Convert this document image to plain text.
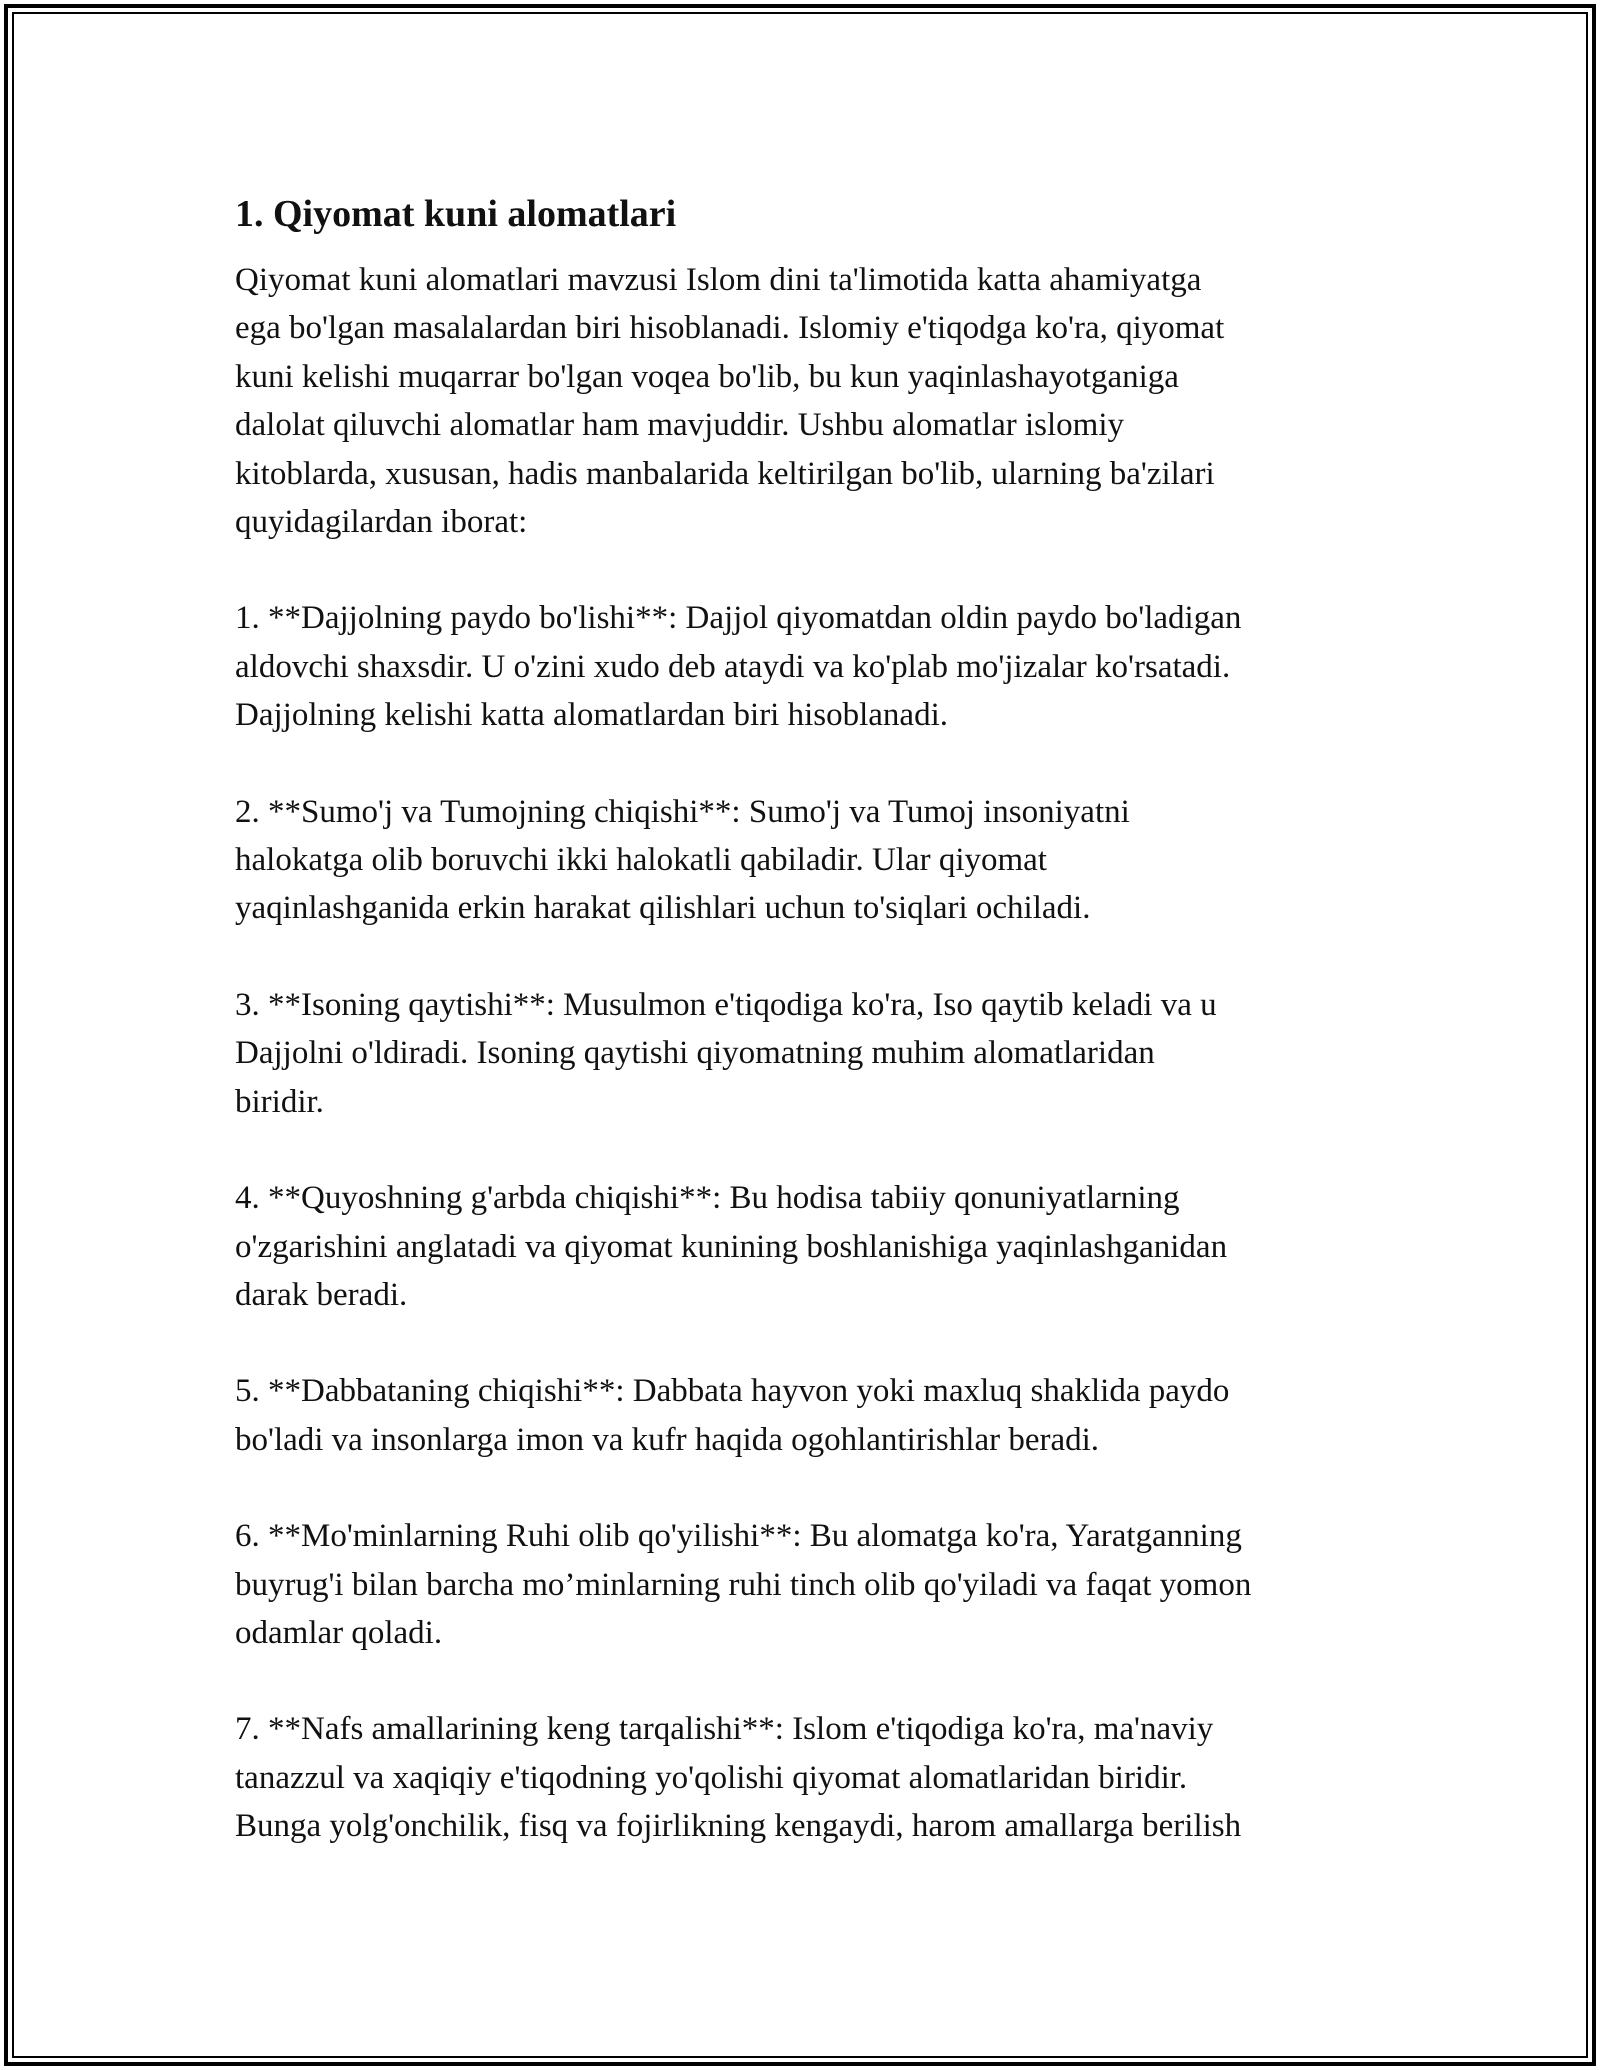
1. Qiyomat kuni alomatlari

Qiyomat kuni alomatlari mavzusi Islom dini ta'limotida katta ahamiyatga
ega bo'lgan masalalardan biri hisoblanadi. Islomiy e'tiqodga ko'ra, qiyomat
kuni kelishi muqarrar bo'lgan voqea bo'lib, bu kun yaqinlashayotganiga
dalolat qiluvchi alomatlar ham mavjuddir. Ushbu alomatlar islomiy
kitoblarda, xususan, hadis manbalarida keltirilgan bo'lib, ularning ba'zilari
quyidagilardan iborat:

1. **Dajjolning paydo bo'lishi**: Dajjol qiyomatdan oldin paydo bo'ladigan
aldovchi shaxsdir. U o'zini xudo deb ataydi va ko'plab mo'jizalar ko'rsatadi.
Dajjolning kelishi katta alomatlardan biri hisoblanadi.

2. **Sumo'j va Tumojning chiqishi**: Sumo'j va Tumoj insoniyatni
halokatga olib boruvchi ikki halokatli qabiladir. Ular qiyomat
yaqinlashganida erkin harakat qilishlari uchun to'siqlari ochiladi.

3. **Isoning qaytishi**: Musulmon e'tiqodiga ko'ra, Iso qaytib keladi va u
Dajjolni o'ldiradi. Isoning qaytishi qiyomatning muhim alomatlaridan
biridir.

4. **Quyoshning g'arbda chiqishi**: Bu hodisa tabiiy qonuniyatlarning
o'zgarishini anglatadi va qiyomat kunining boshlanishiga yaqinlashganidan
darak beradi.

5. **Dabbataning chiqishi**: Dabbata hayvon yoki maxluq shaklida paydo
bo'ladi va insonlarga imon va kufr haqida ogohlantirishlar beradi.

6. **Mo'minlarning Ruhi olib qo'yilishi**: Bu alomatga ko'ra, Yaratganning
buyrug'i bilan barcha mo’minlarning ruhi tinch olib qo'yiladi va faqat yomon
odamlar qoladi.

7. **Nafs amallarining keng tarqalishi**: Islom e'tiqodiga ko'ra, ma'naviy
tanazzul va xaqiqiy e'tiqodning yo'qolishi qiyomat alomatlaridan biridir.
Bunga yolg'onchilik, fisq va fojirlikning kengaydi, harom amallarga berilish
